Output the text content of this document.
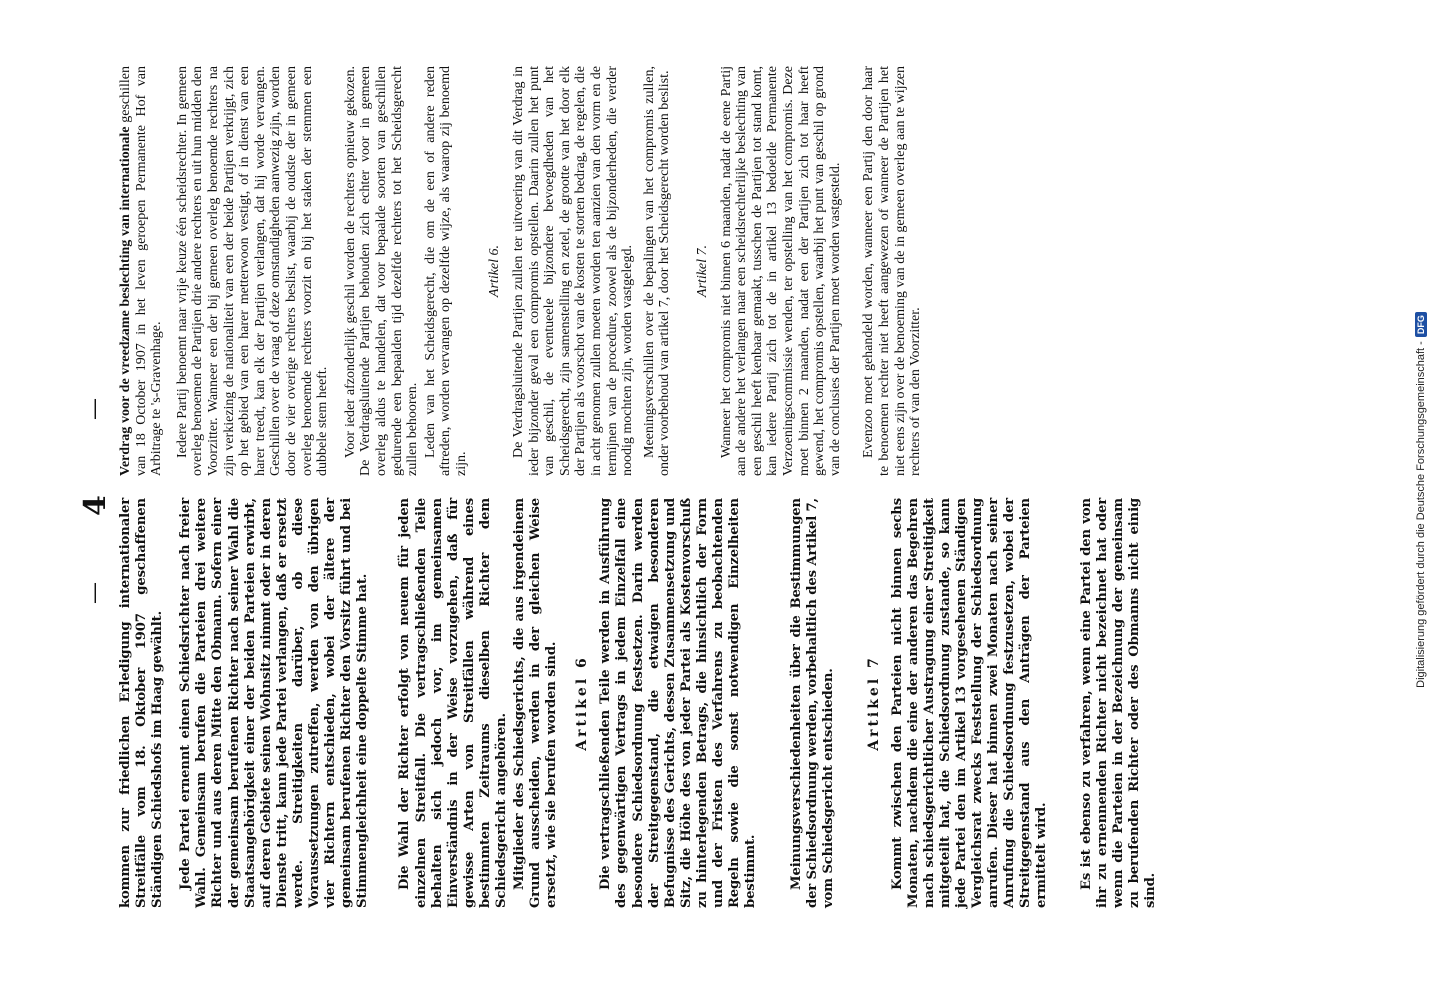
—
4
—

kommen zur friedlichen Erledigung internationaler Streitfälle vom 18. Oktober 1907 geschaffenen Ständigen Schiedshofs im Haag gewählt. Jede Partei ernennt einen Schiedsrichter nach freier Wahl. Gemeinsam berufen die Parteien drei weitere Richter und aus deren Mitte den Obmann. Sofern einer der gemeinsam berufenen Richter nach seiner Wahl die Staatsangehörigkeit einer der beiden Parteien erwirbt, auf deren Gebiete seinen Wohnsitz nimmt oder in deren Dienste tritt, kann jede Partei verlangen, daß er ersetzt werde. Streitigkeiten darüber, ob diese Voraussetzungen zutreffen, werden von den übrigen vier Richtern entschieden, wobei der ältere der gemeinsam berufenen Richter den Vorsitz führt und bei Stimmengleichheit eine doppelte Stimme hat. Die Wahl der Richter erfolgt von neuem für jeden einzelnen Streitfall. Die vertragschließenden Teile behalten sich jedoch vor, im gemeinsamen Einverständnis in der Weise vorzugehen, daß für gewisse Arten von Streitfällen während eines bestimmten Zeitraums dieselben Richter dem Schiedsgericht angehören. Mitglieder des Schiedsgerichts, die aus irgendeinem Grund ausscheiden, werden in der gleichen Weise ersetzt, wie sie berufen worden sind. Artikel 6 Die vertragschließenden Teile werden in Ausführung des gegenwärtigen Vertrags in jedem Einzelfall eine besondere Schiedsordnung festsetzen. Darin werden der Streitgegenstand, die etwaigen besonderen Befugnisse des Gerichts, dessen Zusammensetzung und Sitz, die Höhe des von jeder Partei als Kostenvorschuß zu hinterlegenden Betrags, die hinsichtlich der Form und der Fristen des Verfahrens zu beobachtenden Regeln sowie die sonst notwendigen Einzelheiten bestimmt. Meinungsverschiedenheiten über die Bestimmungen der Schiedsordnung werden, vorbehaltlich des Artikel 7, vom Schiedsgericht entschieden. Artikel 7 Kommt zwischen den Parteien nicht binnen sechs Monaten, nachdem die eine der anderen das Begehren nach schiedsgerichtlicher Austragung einer Streitigkeit mitgeteilt hat, die Schiedsordnung zustande, so kann jede Partei den im Artikel 13 vorgesehenen Ständigen Vergleichsrat zwecks Feststellung der Schiedsordnung anrufen. Dieser hat binnen zwei Monaten nach seiner Anrufung die Schiedsordnung festzusetzen, wobei der Streitgegenstand aus den Anträgen der Parteien ermittelt wird. Es ist ebenso zu verfahren, wenn eine Partei den von ihr zu ernennenden Richter nicht bezeichnet hat oder wenn die Parteien in der Bezeichnung der gemeinsam zu berufenden Richter oder des Obmanns nicht einig sind.

Verdrag voor de vreedzame beslechting van internationale geschillen van 18 October 1907 in het leven geroepen Permanente Hof van Arbitrage te 's-Gravenhage. Iedere Partij benoemt naar vrije keuze één scheidsrechter. In gemeen overleg benoemen de Partijen drie andere rechters en uit hun midden den Voorzitter. Wanneer een der bij gemeen overleg benoemde rechters na zijn verkiezing de nationaliteit van een der beide Partijen verkrijgt, zich op het gebied van een harer metterwoon vestigt, of in dienst van een harer treedt, kan elk der Partijen verlangen, dat hij worde vervangen. Geschillen over de vraag of deze omstandigheden aanwezig zijn, worden door de vier overige rechters beslist, waarbij de oudste der in gemeen overleg benoemde rechters voorzit en bij het staken der stemmen een dubbele stem heeft. Voor ieder afzonderlijk geschil worden de rechters opnieuw gekozen. De Verdragsluitende Partijen behouden zich echter voor in gemeen overleg aldus te handelen, dat voor bepaalde soorten van geschillen gedurende een bepaalden tijd dezelfde rechters tot het Scheidsgerecht zullen behooren. Leden van het Scheidsgerecht, die om de een of andere reden aftreden, worden vervangen op dezelfde wijze, als waarop zij benoemd zijn.

Artikel 6. De Verdragsluitende Partijen zullen ter uitvoering van dit Verdrag in ieder bijzonder geval een compromis opstellen. Daarin zullen het punt van geschil, de eventueele bijzondere bevoegdheden van het Scheidsgerecht, zijn samenstelling en zetel, de grootte van het door elk der Partijen als voorschot van de kosten te storten bedrag, de regelen, die in acht genomen zullen moeten worden ten aanzien van den vorm en de termijnen van de procedure, zoowel als de bijzonderheden, die verder noodig mochten zijn, worden vastgelegd. Meeningsverschillen over de bepalingen van het compromis zullen, onder voorbehoud van artikel 7, door het Scheidsgerecht worden beslist. Artikel 7. Wanneer het compromis niet binnen 6 maanden, nadat de eene Partij aan de andere het verlangen naar een scheidsrechterlijke beslechting van een geschil heeft kenbaar gemaakt, tusschen de Partijen tot stand komt, kan iedere Partij zich tot de in artikel 13 bedoelde Permanente Verzoeningscommissie wenden, ter opstelling van het compromis. Deze moet binnen 2 maanden, nadat een der Partijen zich tot haar heeft gewend, het compromis opstellen, waarbij het punt van geschil op grond van de conclusies der Partijen moet worden vastgesteld. Evenzoo moet gehandeld worden, wanneer een Partij den door haar te benoemen rechter niet heeft aangewezen of wanneer de Partijen het niet eens zijn over de benoeming van de in gemeen overleg aan te wijzen rechters of van den Voorzitter.	Digitalisierung gefördert durch die Deutsche Forschungsgemeinschaft -
DFG
